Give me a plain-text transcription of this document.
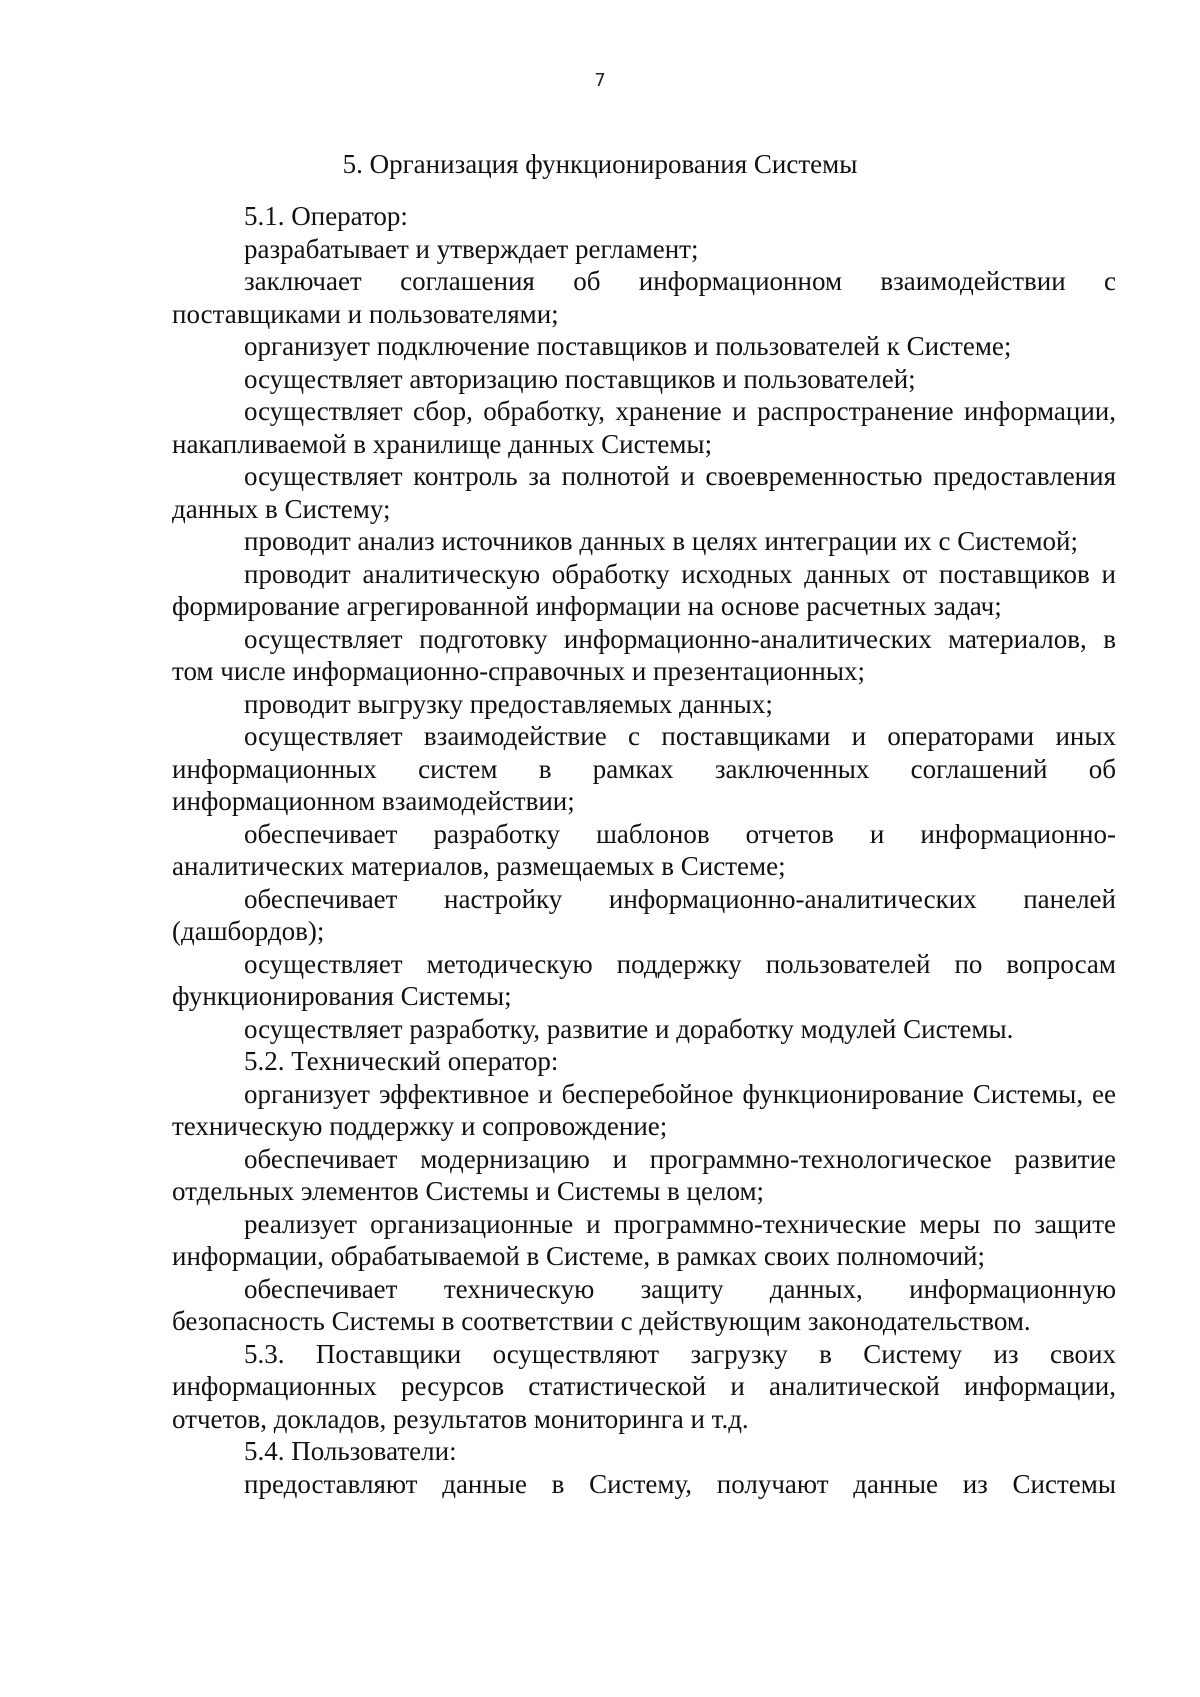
7
5. Организация функционирования Системы

5.1. Оператор:

разрабатывает и утверждает регламент;

заключает соглашения об информационном взаимодействии с поставщиками и пользователями;

организует подключение поставщиков и пользователей к Системе;

осуществляет авторизацию поставщиков и пользователей;

осуществляет сбор, обработку, хранение и распространение информации, накапливаемой в хранилище данных Системы;

осуществляет контроль за полнотой и своевременностью предоставления данных в Систему;

проводит анализ источников данных в целях интеграции их с Системой;

проводит аналитическую обработку исходных данных от поставщиков и формирование агрегированной информации на основе расчетных задач;

осуществляет подготовку информационно-аналитических материалов, в том числе информационно-справочных и презентационных;

проводит выгрузку предоставляемых данных;

осуществляет взаимодействие с поставщиками и операторами иных информационных систем в рамках заключенных соглашений об информационном взаимодействии;

обеспечивает разработку шаблонов отчетов и информационно-аналитических материалов, размещаемых в Системе;

обеспечивает настройку информационно-аналитических панелей (дашбордов);

осуществляет методическую поддержку пользователей по вопросам функционирования Системы;

осуществляет разработку, развитие и доработку модулей Системы.

5.2. Технический оператор:

организует эффективное и бесперебойное функционирование Системы, ее техническую поддержку и сопровождение;

обеспечивает модернизацию и программно-технологическое развитие отдельных элементов Системы и Системы в целом;

реализует организационные и программно-технические меры по защите информации, обрабатываемой в Системе, в рамках своих полномочий;

обеспечивает техническую защиту данных, информационную безопасность Системы в соответствии с действующим законодательством.

5.3. Поставщики осуществляют загрузку в Систему из своих информационных ресурсов статистической и аналитической информации, отчетов, докладов, результатов мониторинга и т.д.

5.4. Пользователи:

предоставляют данные в Систему, получают данные из Системы
